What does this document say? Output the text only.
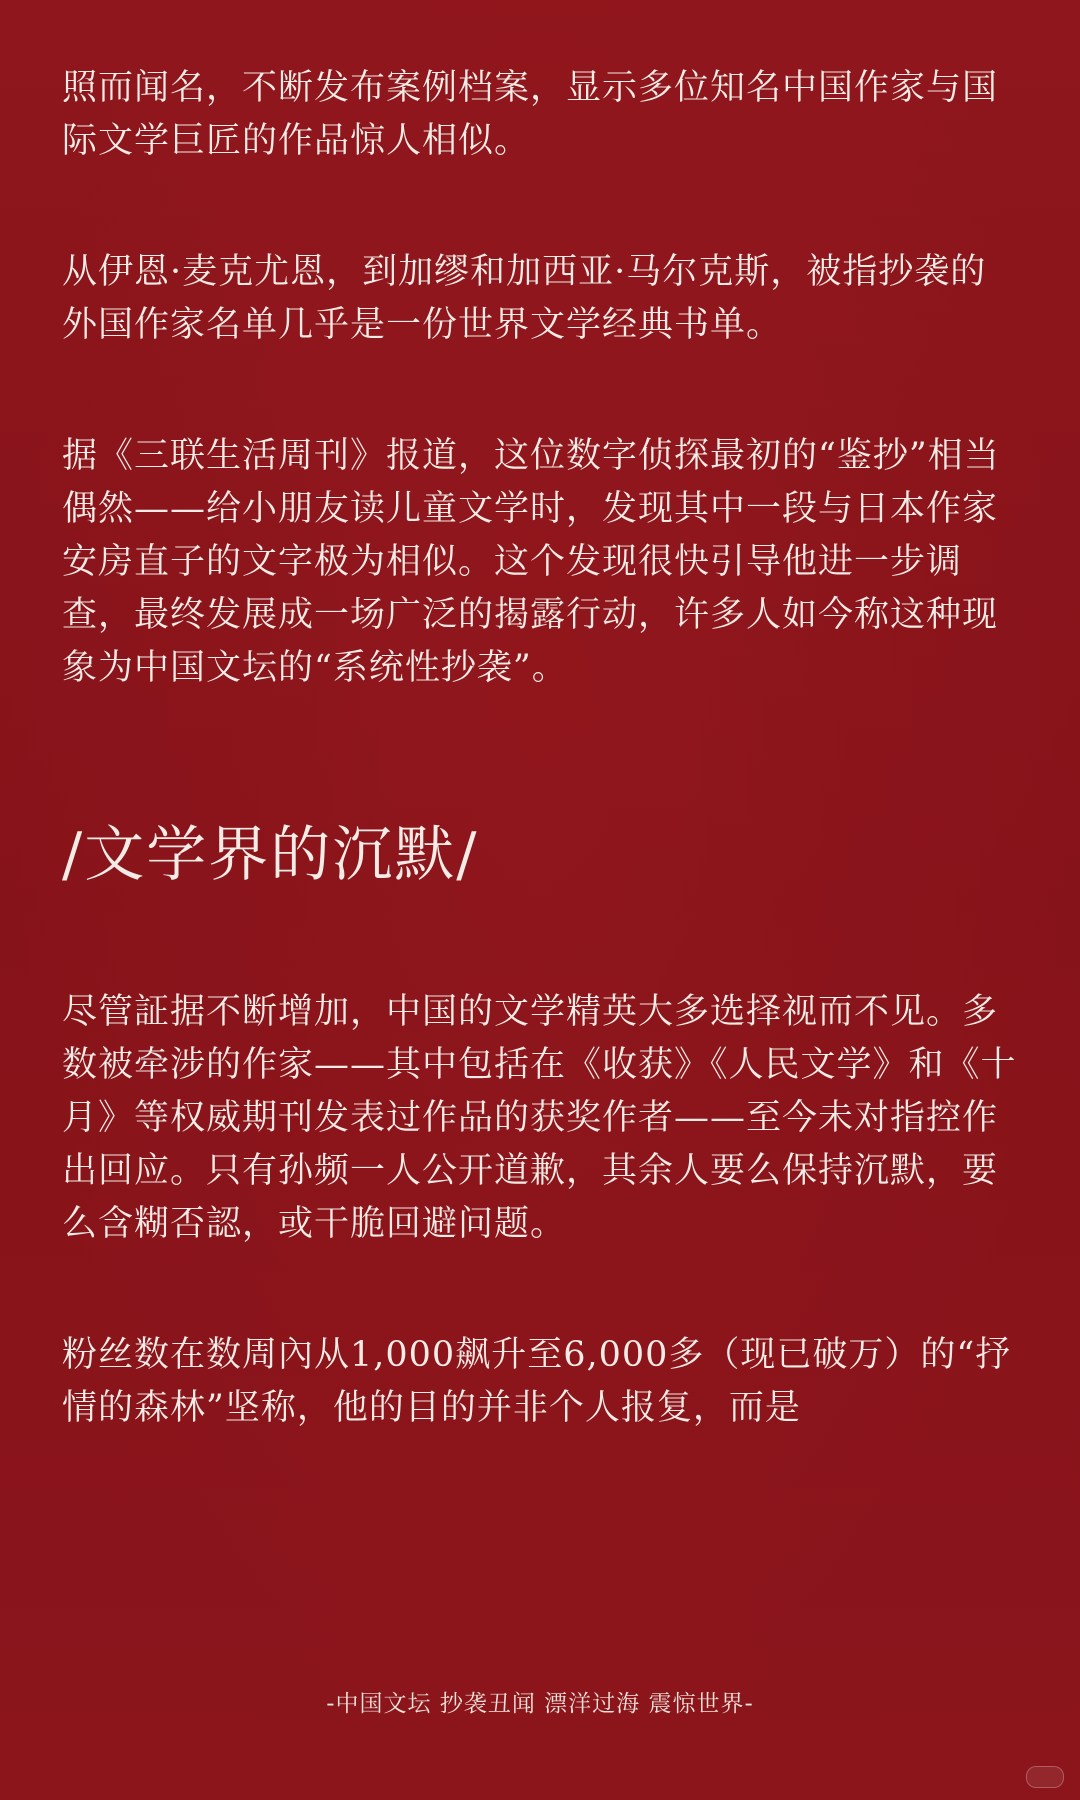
照而闻名，不断发布案例档案，显示多位知名中国作家与国际文学巨匠的作品惊人相似。

从伊恩·麦克尤恩，到加缪和加西亚·马尔克斯，被指抄袭的外国作家名单几乎是一份世界文学经典书单。

据《三联生活周刊》报道，这位数字侦探最初的“鉴抄”相当偶然——给小朋友读儿童文学时，发现其中一段与日本作家安房直子的文字极为相似。这个发现很快引导他进一步调查，最终发展成一场广泛的揭露行动，许多人如今称这种现象为中国文坛的“系统性抄袭”。

/文学界的沉默/

尽管証据不断增加，中国的文学精英大多选择视而不见。多数被牵涉的作家——其中包括在《收获》《人民文学》和《十月》等权威期刊发表过作品的获奖作者——至今未对指控作出回应。只有孙频一人公开道歉，其余人要么保持沉默，要么含糊否認，或干脆回避问题。

粉丝数在数周內从1,000飙升至6,000多（现已破万）的“抒情的森林”坚称，他的目的并非个人报复，而是

-中国文坛 抄袭丑闻 漂洋过海 震惊世界-
